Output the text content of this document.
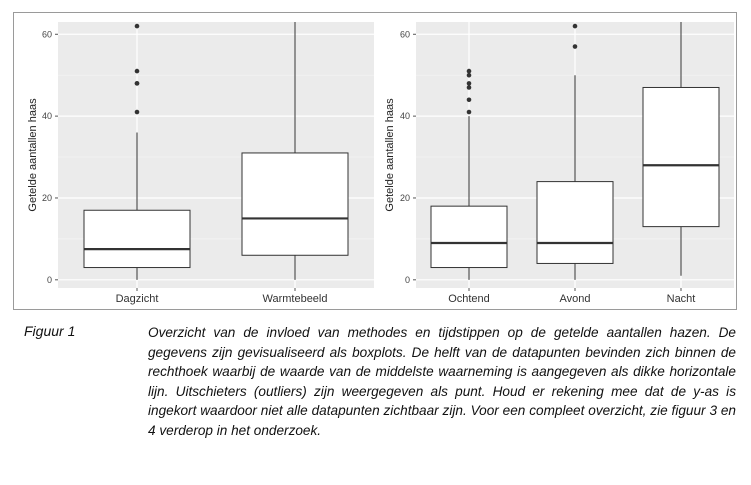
0
20
40
60
Getelde aantallen haas
Dagzicht	Warmtebeeld
0
20
40
60
Getelde aantallen haas
Ochtend	Avond	Nacht
Figuur 1	Overzicht van de invloed van methodes en tijdstippen op de getelde aantallen hazen. De gegevens zijn gevisualiseerd als boxplots. De helft van de datapunten bevinden zich binnen de rechthoek waarbij de waarde van de middelste waarneming is aangegeven als dikke horizontale lijn. Uitschieters (outliers) zijn weergegeven als punt. Houd er rekening mee dat de y-as is ingekort waardoor niet alle datapunten zichtbaar zijn. Voor een compleet overzicht, zie figuur 3 en 4 verderop in het onderzoek.
